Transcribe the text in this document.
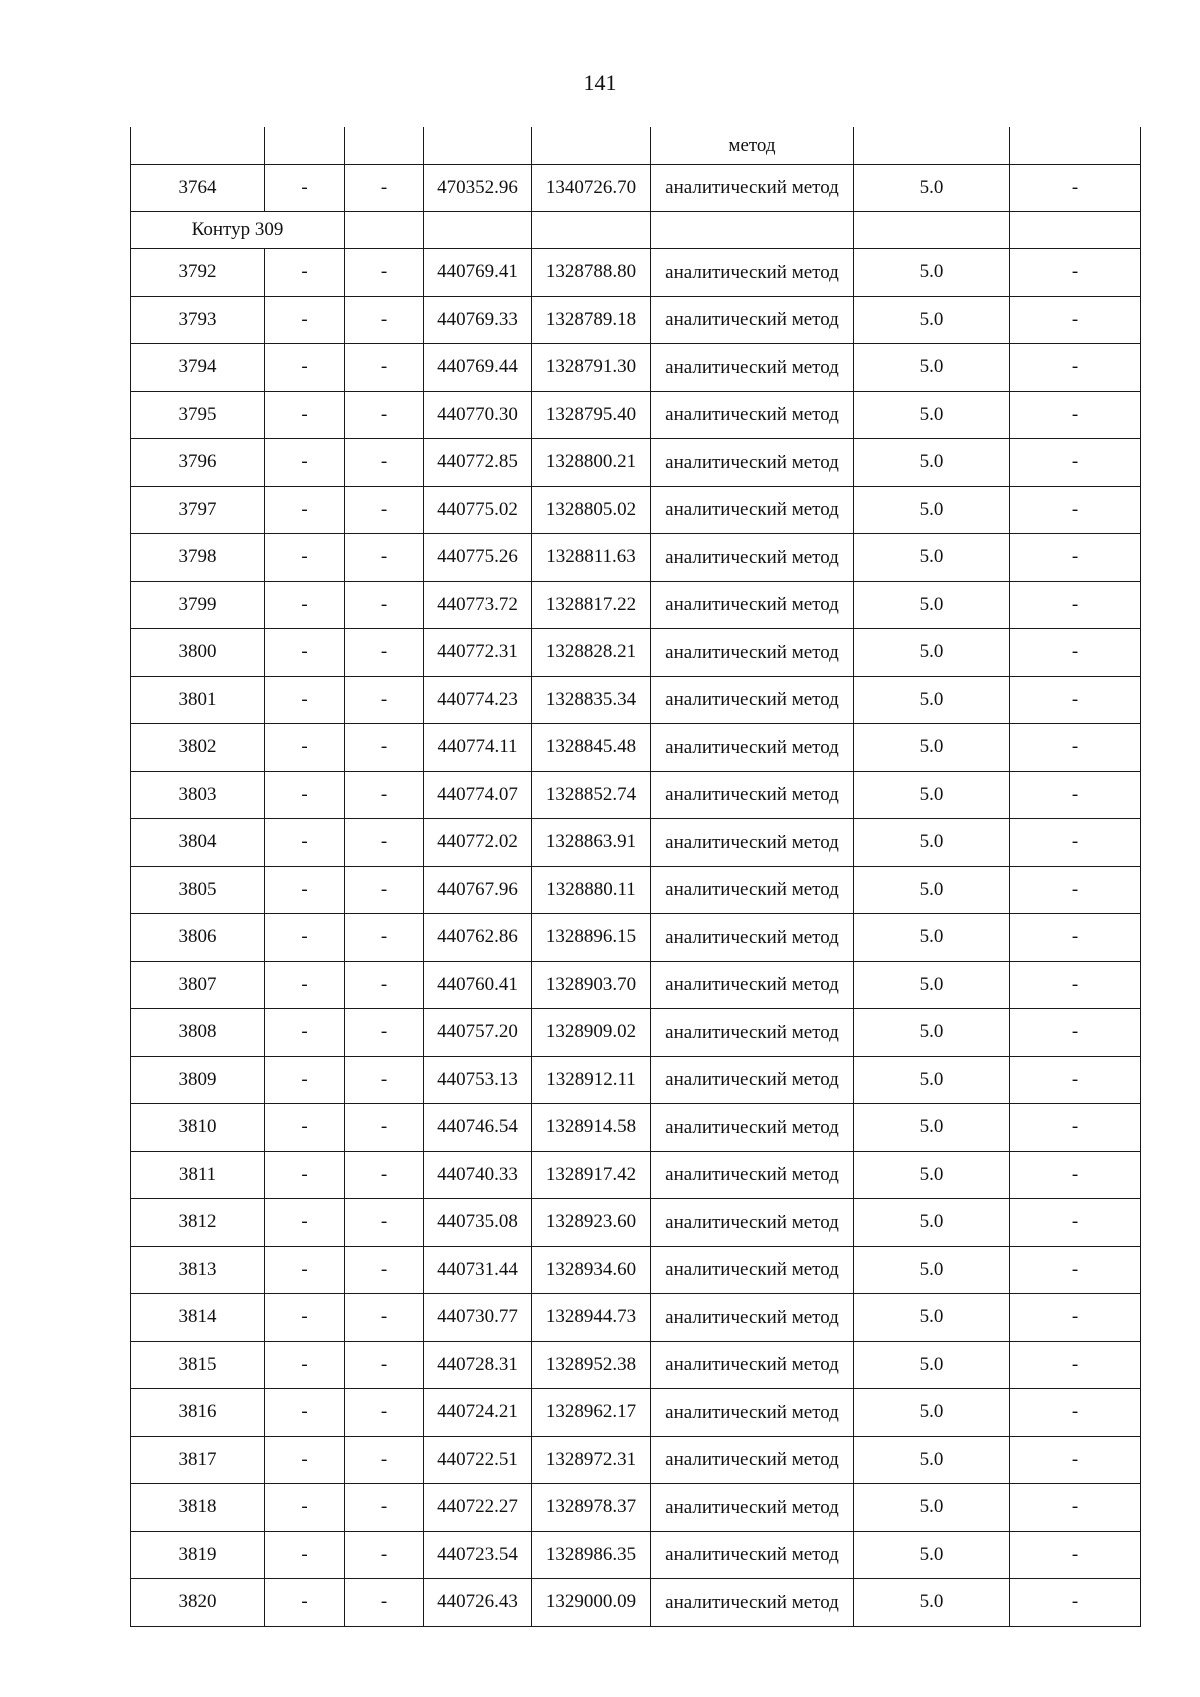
141
					метод		
3764	-	-	470352.96	1340726.70	аналитический метод	5.0	-
Контур 309							
3792	-	-	440769.41	1328788.80	аналитический метод	5.0	-
3793	-	-	440769.33	1328789.18	аналитический метод	5.0	-
3794	-	-	440769.44	1328791.30	аналитический метод	5.0	-
3795	-	-	440770.30	1328795.40	аналитический метод	5.0	-
3796	-	-	440772.85	1328800.21	аналитический метод	5.0	-
3797	-	-	440775.02	1328805.02	аналитический метод	5.0	-
3798	-	-	440775.26	1328811.63	аналитический метод	5.0	-
3799	-	-	440773.72	1328817.22	аналитический метод	5.0	-
3800	-	-	440772.31	1328828.21	аналитический метод	5.0	-
3801	-	-	440774.23	1328835.34	аналитический метод	5.0	-
3802	-	-	440774.11	1328845.48	аналитический метод	5.0	-
3803	-	-	440774.07	1328852.74	аналитический метод	5.0	-
3804	-	-	440772.02	1328863.91	аналитический метод	5.0	-
3805	-	-	440767.96	1328880.11	аналитический метод	5.0	-
3806	-	-	440762.86	1328896.15	аналитический метод	5.0	-
3807	-	-	440760.41	1328903.70	аналитический метод	5.0	-
3808	-	-	440757.20	1328909.02	аналитический метод	5.0	-
3809	-	-	440753.13	1328912.11	аналитический метод	5.0	-
3810	-	-	440746.54	1328914.58	аналитический метод	5.0	-
3811	-	-	440740.33	1328917.42	аналитический метод	5.0	-
3812	-	-	440735.08	1328923.60	аналитический метод	5.0	-
3813	-	-	440731.44	1328934.60	аналитический метод	5.0	-
3814	-	-	440730.77	1328944.73	аналитический метод	5.0	-
3815	-	-	440728.31	1328952.38	аналитический метод	5.0	-
3816	-	-	440724.21	1328962.17	аналитический метод	5.0	-
3817	-	-	440722.51	1328972.31	аналитический метод	5.0	-
3818	-	-	440722.27	1328978.37	аналитический метод	5.0	-
3819	-	-	440723.54	1328986.35	аналитический метод	5.0	-
3820	-	-	440726.43	1329000.09	аналитический метод	5.0	-
